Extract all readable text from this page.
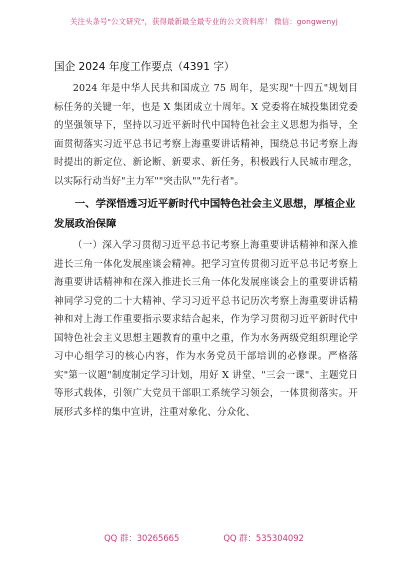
关注头条号"公文研究"，获得最新最全最专业的公文资料库！ 微信：gongwenyj
国企 2024 年度工作要点（4391 字）

2024 年是中华人民共和国成立 75 周年，是实现"十四五"规划目标任务的关键一年，也是 X 集团成立十周年。X 党委将在城投集团党委的坚强领导下，坚持以习近平新时代中国特色社会主义思想为指导，全面贯彻落实习近平总书记考察上海重要讲话精神，围绕总书记考察上海时提出的新定位、新论断、新要求、新任务，积极践行人民城市理念，以实际行动当好"主力军""突击队""先行者"。

一、学深悟透习近平新时代中国特色社会主义思想，厚植企业发展政治保障

（一）深入学习贯彻习近平总书记考察上海重要讲话精神和深入推进长三角一体化发展座谈会精神。把学习宣传贯彻习近平总书记考察上海重要讲话精神和在深入推进长三角一体化发展座谈会上的重要讲话精神同学习党的二十大精神、学习习近平总书记历次考察上海重要讲话精神和对上海工作重要指示要求结合起来，作为学习贯彻习近平新时代中国特色社会主义思想主题教育的重中之重，作为水务两级党组织理论学习中心组学习的核心内容，作为水务党员干部培训的必修课。严格落实"第一议题"制度制定学习计划，用好 X 讲堂、"三会一课"、主题党日等形式载体，引领广大党员干部职工系统学习领会，一体贯彻落实。开展形式多样的集中宣讲，注重对象化、分众化、

QQ 群：30265665	QQ 群：535304092
